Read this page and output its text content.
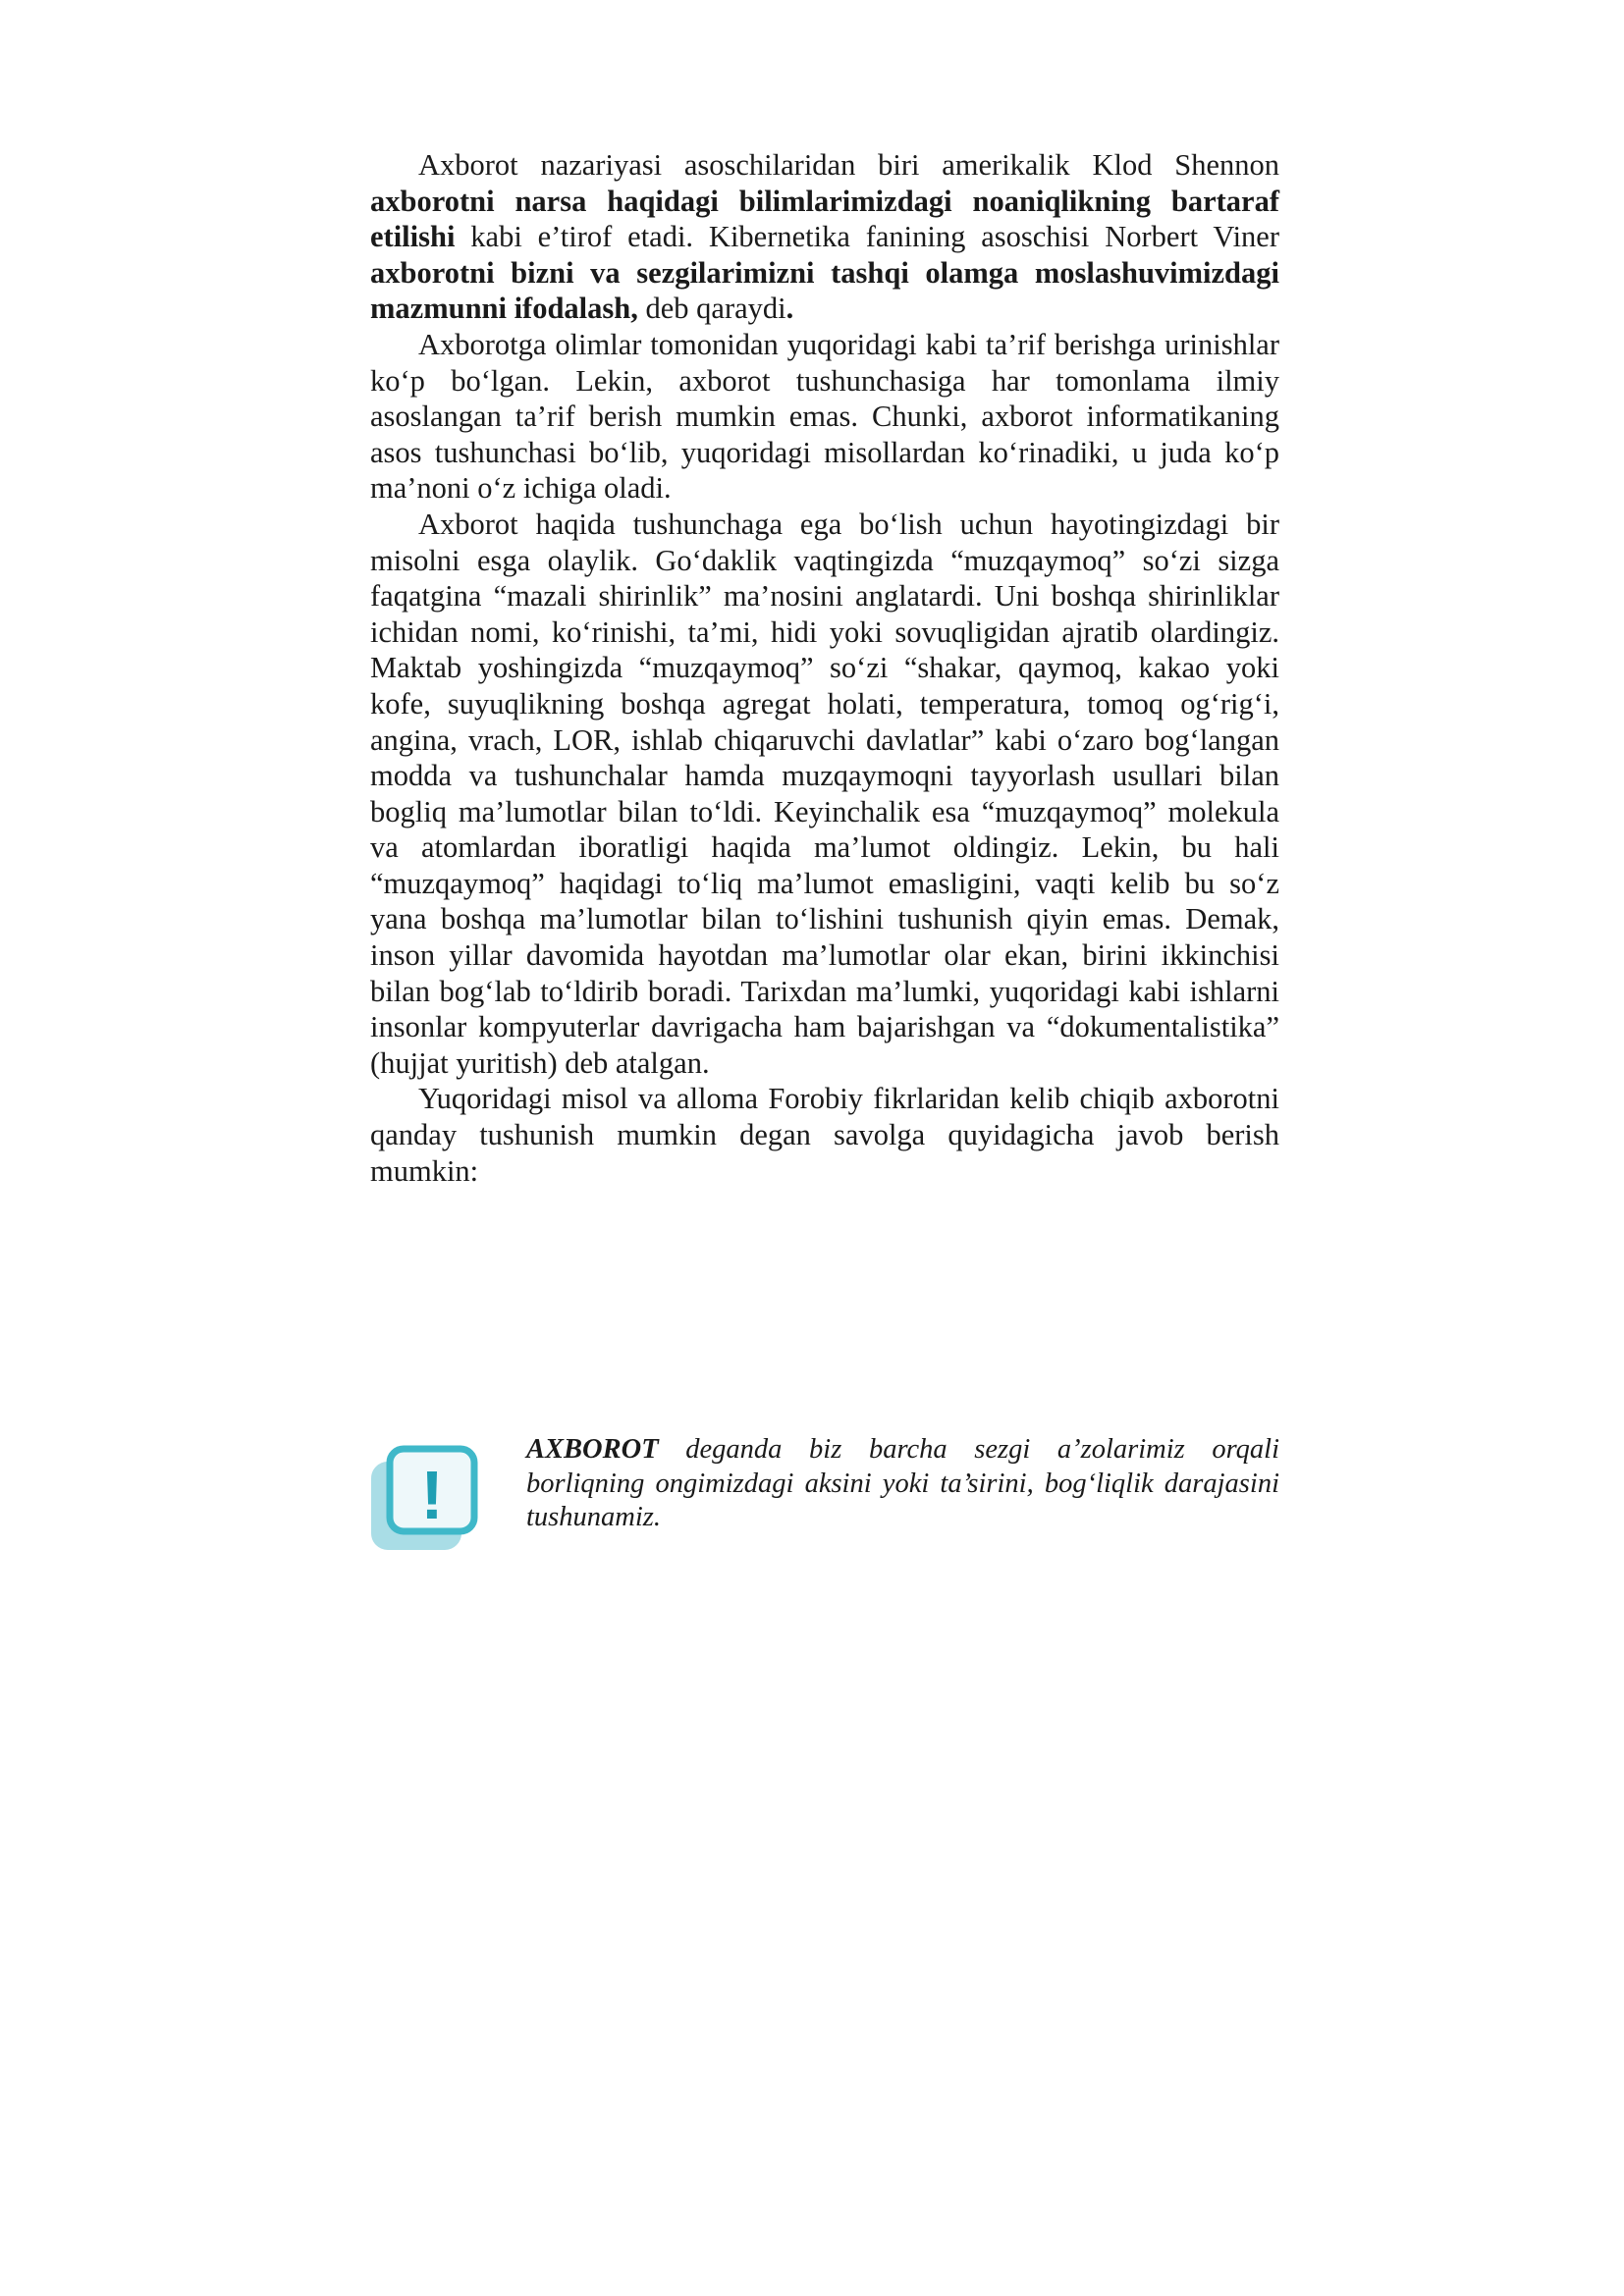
Axborot nazariyasi asoschilaridan biri amerikalik Klod Shennon axborotni narsa haqidagi bilimlarimizdagi noaniqlikning bartaraf etilishi kabi e’tirof etadi. Kibernetika fanining asoschisi Norbert Viner axborotni bizni va sezgilarimizni tashqi olamga moslashuvimizdagi mazmunni ifodalash, deb qaraydi.

Axborotga olimlar tomonidan yuqoridagi kabi ta’rif berishga urinishlar ko‘p bo‘lgan. Lekin, axborot tushunchasiga har tomonlama ilmiy asoslangan ta’rif berish mumkin emas. Chunki, axborot informatikaning asos tushunchasi bo‘lib, yuqoridagi misollardan ko‘rinadiki, u juda ko‘p ma’noni o‘z ichiga oladi.

Axborot haqida tushunchaga ega bo‘lish uchun hayotingizdagi bir misolni esga olaylik. Go‘daklik vaqtingizda “muzqaymoq” so‘zi sizga faqatgina “mazali shirinlik” ma’nosini anglatardi. Uni boshqa shirinliklar ichidan nomi, ko‘rinishi, ta’mi, hidi yoki sovuqligidan ajratib olardingiz. Maktab yoshingizda “muzqaymoq” so‘zi “shakar, qaymoq, kakao yoki kofe, suyuqlikning boshqa agregat holati, temperatura, tomoq og‘rig‘i, angina, vrach, LOR, ishlab chiqaruvchi davlatlar” kabi o‘zaro bog‘langan modda va tushunchalar hamda muzqaymoqni tayyorlash usullari bilan bogliq ma’lumotlar bilan to‘ldi. Keyinchalik esa “muzqaymoq” molekula va atomlardan iboratligi haqida ma’lumot oldingiz. Lekin, bu hali “muzqaymoq” haqidagi to‘liq ma’lumot emasligini, vaqti kelib bu so‘z yana boshqa ma’lumotlar bilan to‘lishini tushunish qiyin emas. Demak, inson yillar davomida hayotdan ma’lumotlar olar ekan, birini ikkinchisi bilan bog‘lab to‘ldirib boradi. Tarixdan ma’lumki, yuqoridagi kabi ishlarni insonlar kompyuterlar davrigacha ham bajarishgan va “dokumentalistika” (hujjat yuritish) deb atalgan.

Yuqoridagi misol va alloma Forobiy fikrlaridan kelib chiqib axborotni qanday tushunish mumkin degan savolga quyidagicha javob berish mumkin:

!

AXBOROT deganda biz barcha sezgi a’zolarimiz orqali borliqning ongimizdagi aksini yoki ta’sirini, bog‘liqlik darajasini tushunamiz.
